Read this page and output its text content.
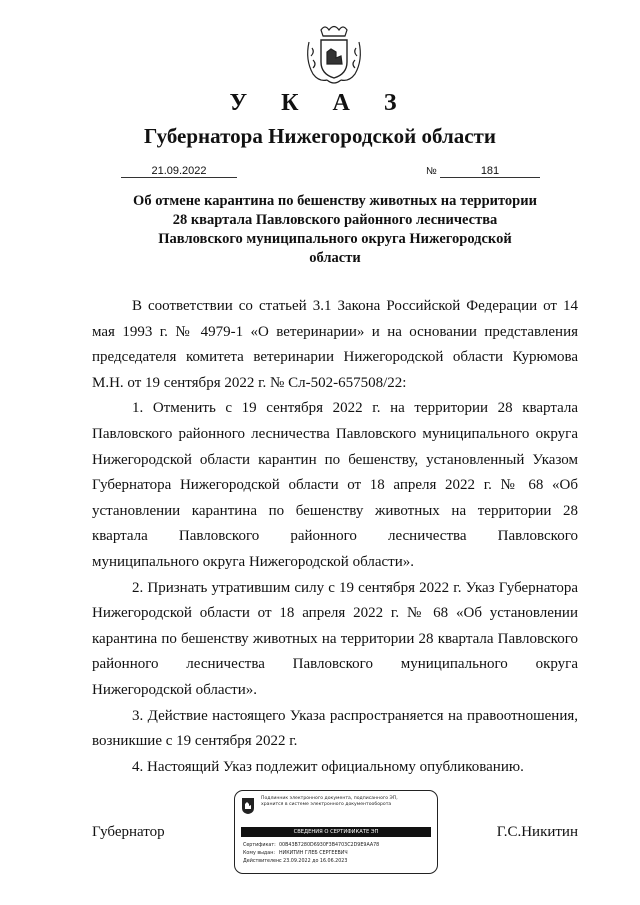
У К А З
Губернатора Нижегородской области
21.09.2022	№	181
Об отмене карантина по бешенству животных на территории
28 квартала Павловского районного лесничества
Павловского муниципального округа Нижегородской
области

В соответствии со статьей 3.1 Закона Российской Федерации от 14 мая 1993 г. № 4979-1 «О ветеринарии» и на основании представления председателя комитета ветеринарии Нижегородской области Курюмова М.Н. от 19 сентября 2022 г. № Сл-502-657508/22:

1. Отменить с 19 сентября 2022 г. на территории 28 квартала Павловского районного лесничества Павловского муниципального округа Нижегородской области карантин по бешенству, установленный Указом Губернатора Нижегородской области от 18 апреля 2022 г. № 68 «Об установлении карантина по бешенству животных на территории 28 квартала Павловского районного лесничества Павловского муниципального округа Нижегородской области».

2. Признать утратившим силу с 19 сентября 2022 г. Указ Губернатора Нижегородской области от 18 апреля 2022 г. № 68 «Об установлении карантина по бешенству животных на территории 28 квартала Павловского районного лесничества Павловского муниципального округа Нижегородской области».

3. Действие настоящего Указа распространяется на правоотношения, возникшие с 19 сентября 2022 г.

4. Настоящий Указ подлежит официальному опубликованию.

Губернатор	Г.С.Никитин
Подлинник электронного документа, подписанного ЭП,
хранится в системе электронного документооборота
СВЕДЕНИЯ О СЕРТИФИКАТЕ ЭП
Сертификат: 00B43B7280D6930F3B4703C2D9E9AA78
Кому выдан: НИКИТИН ГЛЕБ СЕРГЕЕВИЧ
Действителен:с 23.09.2022 до 16.06.2023
